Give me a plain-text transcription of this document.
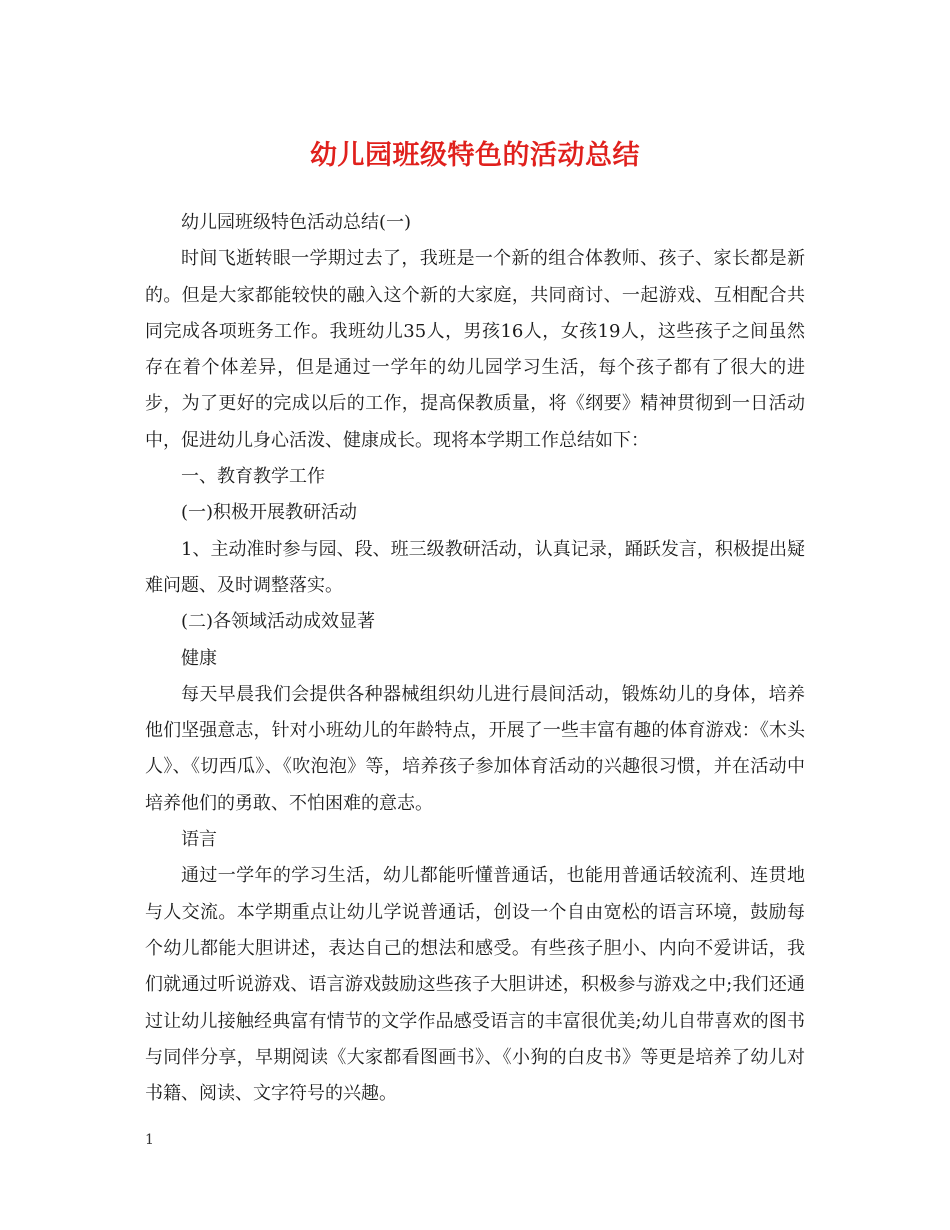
幼儿园班级特色的活动总结

幼儿园班级特色活动总结(一)

时间飞逝转眼一学期过去了，我班是一个新的组合体教师、孩子、家长都是新的。但是大家都能较快的融入这个新的大家庭，共同商讨、一起游戏、互相配合共同完成各项班务工作。我班幼儿35人，男孩16人，女孩19人，这些孩子之间虽然存在着个体差异，但是通过一学年的幼儿园学习生活，每个孩子都有了很大的进步，为了更好的完成以后的工作，提高保教质量，将《纲要》精神贯彻到一日活动中，促进幼儿身心活泼、健康成长。现将本学期工作总结如下：

一、教育教学工作

(一)积极开展教研活动

1、主动准时参与园、段、班三级教研活动，认真记录，踊跃发言，积极提出疑难问题、及时调整落实。

(二)各领域活动成效显著

健康

每天早晨我们会提供各种器械组织幼儿进行晨间活动，锻炼幼儿的身体，培养他们坚强意志，针对小班幼儿的年龄特点，开展了一些丰富有趣的体育游戏：《木头人》、《切西瓜》、《吹泡泡》等，培养孩子参加体育活动的兴趣很习惯，并在活动中培养他们的勇敢、不怕困难的意志。

语言

通过一学年的学习生活，幼儿都能听懂普通话，也能用普通话较流利、连贯地与人交流。本学期重点让幼儿学说普通话，创设一个自由宽松的语言环境，鼓励每个幼儿都能大胆讲述，表达自己的想法和感受。有些孩子胆小、内向不爱讲话，我们就通过听说游戏、语言游戏鼓励这些孩子大胆讲述，积极参与游戏之中;我们还通过让幼儿接触经典富有情节的文学作品感受语言的丰富很优美;幼儿自带喜欢的图书与同伴分享，早期阅读《大家都看图画书》、《小狗的白皮书》等更是培养了幼儿对书籍、阅读、文字符号的兴趣。

1
